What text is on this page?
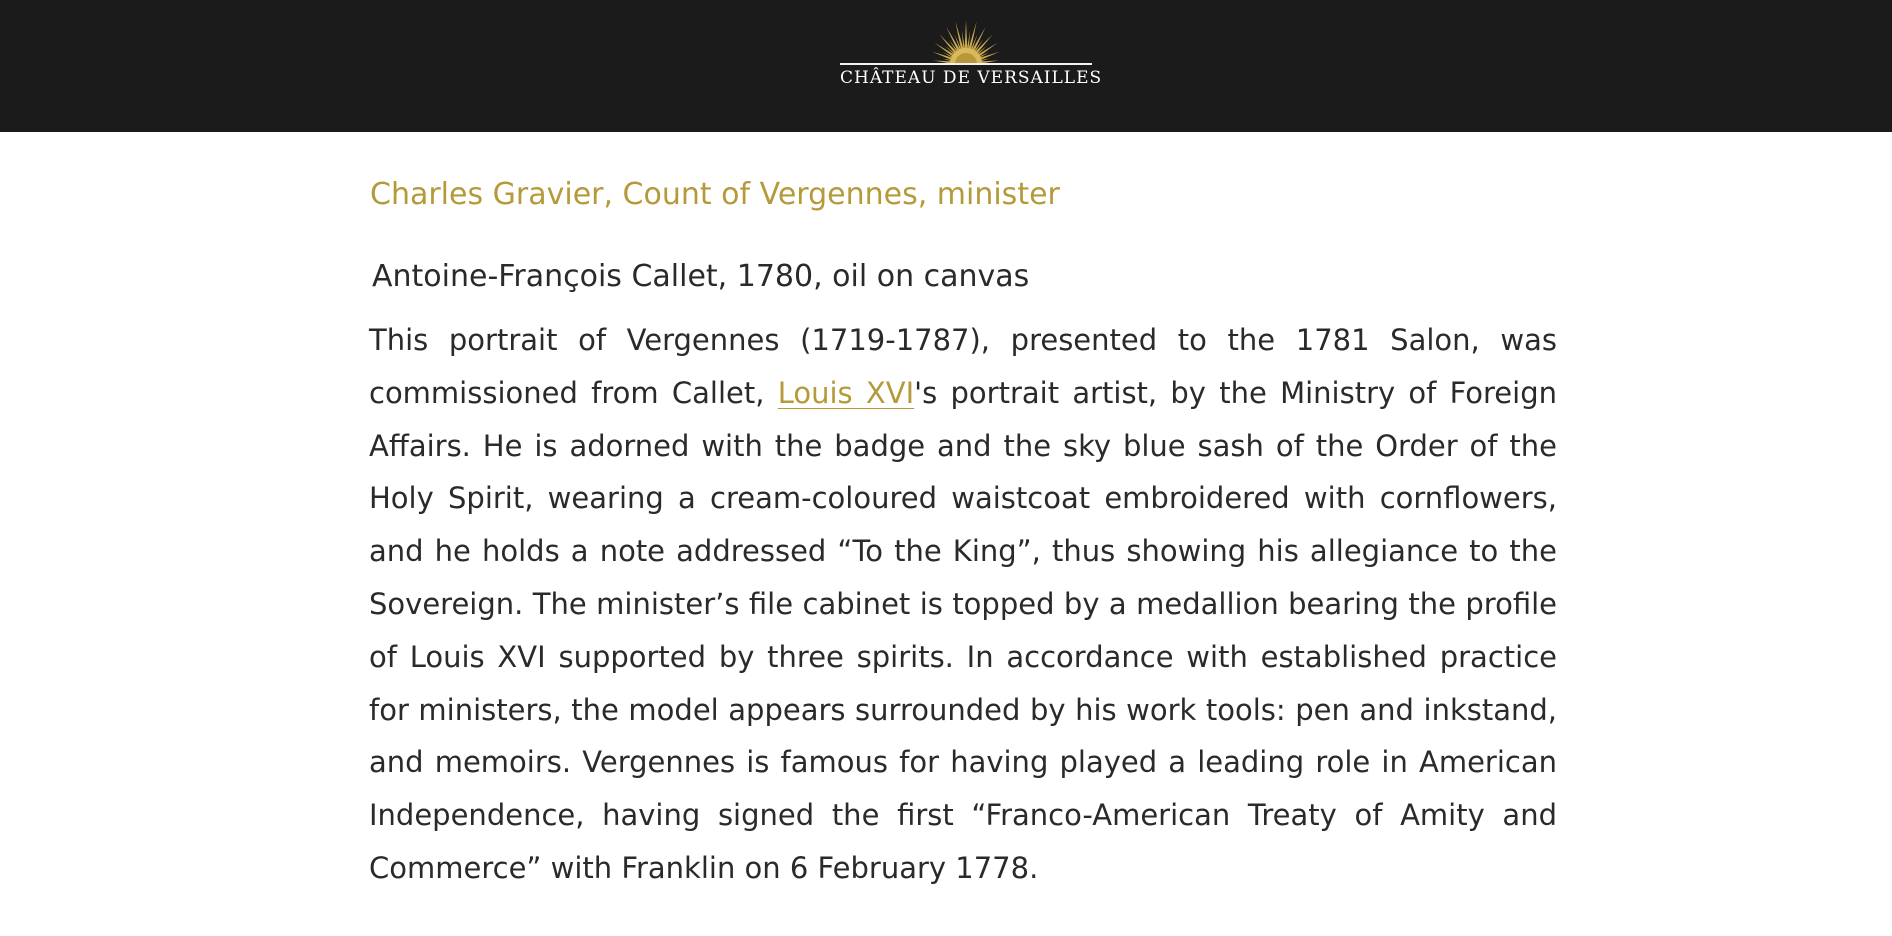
CHÂTEAU DE VERSAILLES
Charles Gravier, Count of Vergennes, minister
Antoine-François Callet, 1780, oil on canvas

This portrait of Vergennes (1719-1787), presented to the 1781 Salon, was commissioned from Callet, Louis XVI's portrait artist, by the Ministry of Foreign Affairs. He is adorned with the badge and the sky blue sash of the Order of the Holy Spirit, wearing a cream-coloured waistcoat embroidered with cornflowers, and he holds a note addressed “To the King”, thus showing his allegiance to the Sovereign. The minister’s file cabinet is topped by a medallion bearing the profile of Louis XVI supported by three spirits. In accordance with established practice for ministers, the model appears surrounded by his work tools: pen and inkstand, and memoirs. Vergennes is famous for having played a leading role in American Independence, having signed the first “Franco-American Treaty of Amity and Commerce” with Franklin on 6 February 1778.
